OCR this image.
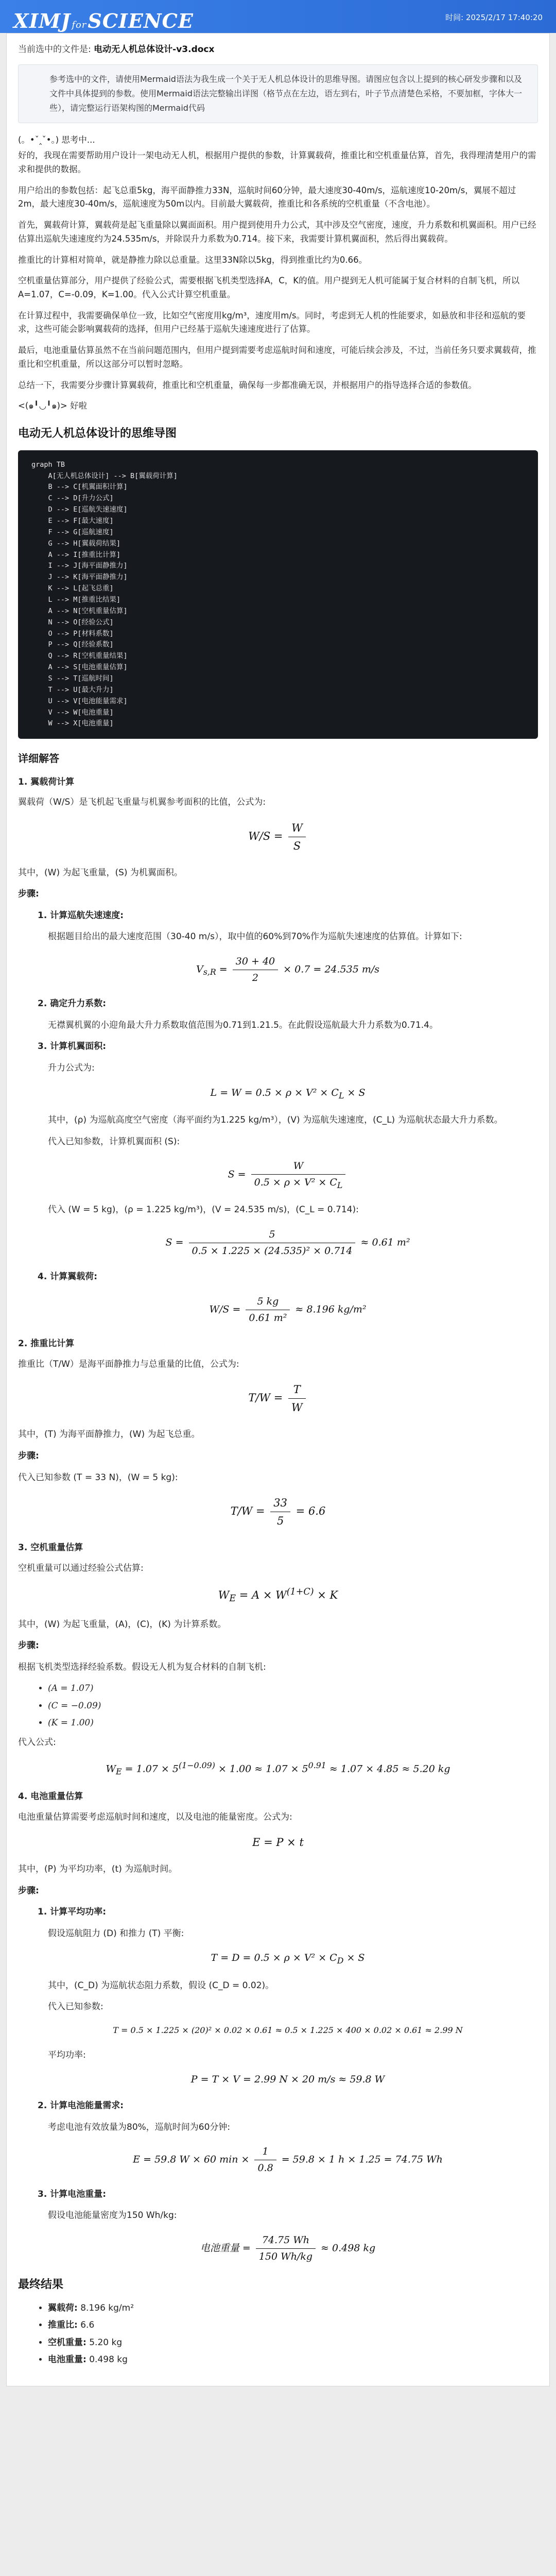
XIMJ forSCIENCE	时间: 2025/2/17 17:40:20
当前选中的文件是: 电动无人机总体设计-v3.docx
参考选中的文件，请使用Mermaid语法为我生成一个关于无人机总体设计的思维导图。请图应包含以上提到的核心研发步骤和以及文件中具体提到的参数。使用Mermaid语法完整输出详图（格节点在左边，语左到右，叶子节点清楚色采格，不要加框，字体大一些），请完整运行语架构图的Mermaid代码

(。•ˇ‸ˇ•。) 思考中...

好的，我现在需要帮助用户设计一架电动无人机，根据用户提供的参数，计算翼载荷，推重比和空机重量估算，首先，我得理清楚用户的需求和提供的数据。

用户给出的参数包括：起飞总重5kg，海平面静推力33N，巡航时间60分钟，最大速度30-40m/s，巡航速度10-20m/s，翼展不超过2m，最大速度30-40m/s，巡航速度为50m以内。目前最大翼载荷，推重比和各系统的空机重量（不含电池）。

首先，翼载荷计算，翼载荷是起飞重量除以翼面面积。用户提到使用升力公式，其中涉及空气密度，速度，升力系数和机翼面积。用户已经估算出巡航失速速度约为24.535m/s，并除误升力系数为0.714。接下来，我需要计算机翼面积，然后得出翼载荷。

推重比的计算相对简单，就是静推力除以总重量。这里33N除以5kg，得到推重比约为0.66。

空机重量估算部分，用户提供了经验公式，需要根据飞机类型选择A，C，K的值。用户提到无人机可能属于复合材料的自制飞机，所以A=1.07，C=-0.09，K=1.00。代入公式计算空机重量。

在计算过程中，我需要确保单位一致，比如空气密度用kg/m³，速度用m/s。同时，考虑到无人机的性能要求，如悬放和非径和巡航的要求，这些可能会影响翼载荷的选择，但用户已经基于巡航失速速度进行了估算。

最后，电池重量估算虽然不在当前问题范围内，但用户提到需要考虑巡航时间和速度，可能后续会涉及，不过，当前任务只要求翼载荷，推重比和空机重量，所以这部分可以暂时忽略。

总结一下，我需要分步骤计算翼载荷，推重比和空机重量，确保每一步都准确无误，并根据用户的指导选择合适的参数值。

<(๑╹◡╹๑)> 好啦

电动无人机总体设计的思维导图
graph TB
A[无人机总体设计] --> B[翼载荷计算]
B --> C[机翼面积计算]
C --> D[升力公式]
D --> E[巡航失速速度]
E --> F[最大速度]
F --> G[巡航速度]
G --> H[翼载荷结果]
A --> I[推重比计算]
I --> J[海平面静推力]
J --> K[海平面静推力]
K --> L[起飞总重]
L --> M[推重比结果]
A --> N[空机重量估算]
N --> O[经验公式]
O --> P[材料系数]
P --> Q[经验系数]
Q --> R[空机重量结果]
A --> S[电池重量估算]
S --> T[巡航时间]
T --> U[最大升力]
U --> V[电池能量需求]
V --> W[电池重量]
W --> X[电池重量]
详细解答
1. 翼载荷计算

翼载荷（W/S）是飞机起飞重量与机翼参考面积的比值，公式为:

$W/S = \frac{W}{S}$

其中，(W) 为起飞重量，(S) 为机翼面积。

步骤:

1. 计算巡航失速速度:

根据题目给出的最大速度范围（30-40 m/s），取中值的60%到70%作为巡航失速速度的估算值。计算如下:

$V_{s,R} = \frac{30 + 40}{2} \times 0.7 = 24.535$ m/s

2. 确定升力系数:

无襟翼机翼的小迎角最大升力系数取值范围为0.71到1.21.5。在此假设巡航最大升力系数为0.71.4。

3. 计算机翼面积:

升力公式为:

$L = W = 0.5 \times \rho \times V^2 \times C_L \times S$

其中，(ρ) 为巡航高度空气密度（海平面约为1.225 kg/m³），(V) 为巡航失速速度，(C_L) 为巡航状态最大升力系数。

代入已知参数，计算机翼面积 (S):

$S = \frac{W}{0.5 \times \rho \times V^2 \times C_L}$

代入 (W = 5 kg)，(ρ = 1.225 kg/m³)，(V = 24.535 m/s)，(C_L = 0.714):

$S = \frac{5}{\text{0.5 × 1.225 × (24.535)² × 0.714}} \approx 0.61$ m²

4. 计算翼载荷:

$W/S = \frac{5 kg}{\text{0.61 m²}} \approx 8.196$ kg/m²
2. 推重比计算

推重比（T/W）是海平面静推力与总重量的比值，公式为:

$T/W = \frac{T}{W}$

其中，(T) 为海平面静推力，(W) 为起飞总重。

步骤:

代入已知参数 (T = 33 N)，(W = 5 kg):

$T/W = \frac{33}{5} = 6.6$
3. 空机重量估算

空机重量可以通过经验公式估算:

$W_E = A \times W^{(1+C)} \times K$

其中，(W) 为起飞重量，(A)，(C)，(K) 为计算系数。

步骤:

根据飞机类型选择经验系数。假设无人机为复合材料的自制飞机:

• (A = 1.07)
• (C = −0.09)
• (K = 1.00)

代入公式:

$W_E = 1.07 \times 5^{(1-0.09)} \times 1.00 \approx 1.07 \times 5^{0.91} \approx 1.07 \times 4.85 \approx 5.20$ kg
4. 电池重量估算

电池重量估算需要考虑巡航时间和速度，以及电池的能量密度。公式为:

E = P × t

其中，(P) 为平均功率，(t) 为巡航时间。

步骤:

1. 计算平均功率:

假设巡航阻力 (D) 和推力 (T) 平衡:

$T = D = 0.5 \times \rho \times V^2 \times C_D \times S$

其中，(C_D) 为巡航状态阻力系数，假设 (C_D = 0.02)。

代入已知参数:

T = 0.5 × 1.225 × (20)² × 0.02 × 0.61 ≈ 0.5 × 1.225 × 400 × 0.02 × 0.61 ≈ 2.99 N

平均功率:

P = T × V = 2.99 N × 20 m/s ≈ 59.8 W

2. 计算电池能量需求:

考虑电池有效放量为80%，巡航时间为60分钟:

E = 59.8 W × 60 $\min \times \frac{1}{0.8} = 59.8 \times 1$ h × 1.25 = 74.75 Wh

3. 计算电池重量:

假设电池能量密度为150 Wh/kg:

电池重量 = $\frac{74.75 Wh}{150 Wh/kg} \approx 0.498$ kg
最终结果
• 翼载荷: 8.196 kg/m²
• 推重比: 6.6
• 空机重量: 5.20 kg
• 电池重量: 0.498 kg
